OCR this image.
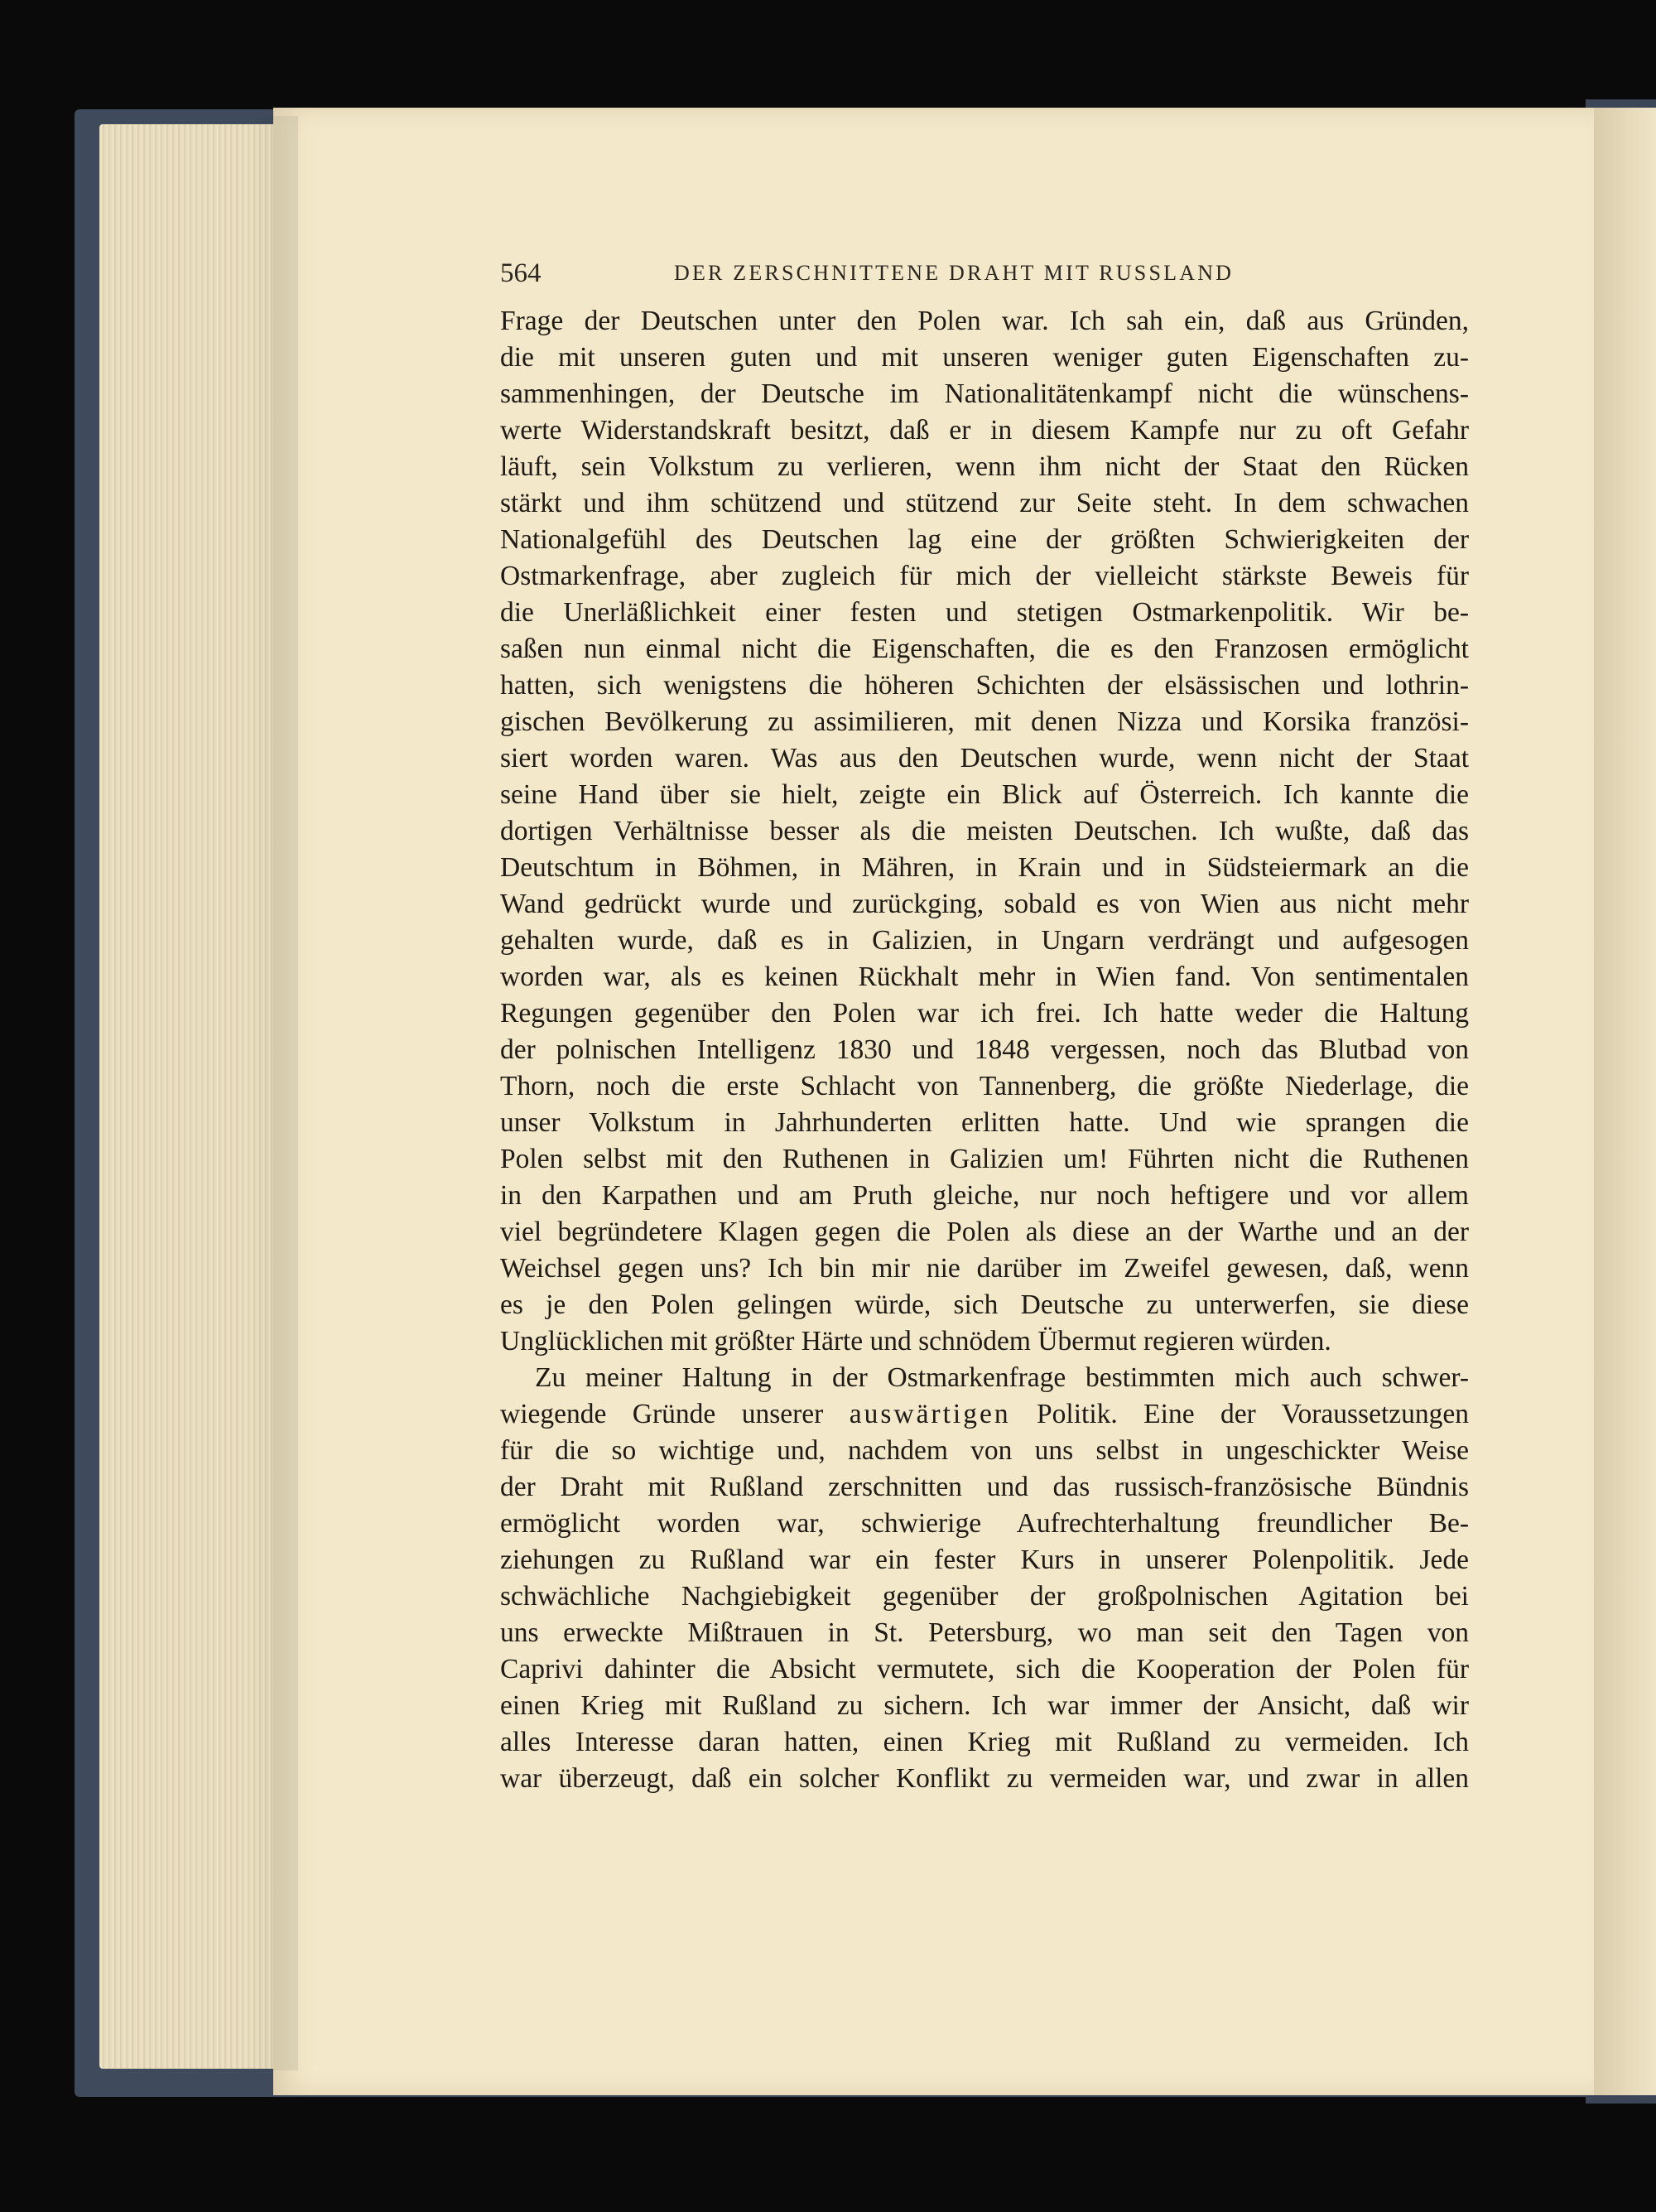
564	DER ZERSCHNITTENE DRAHT MIT RUSSLAND
Frage der Deutschen unter den Polen war. Ich sah ein, daß aus Gründen,
die mit unseren guten und mit unseren weniger guten Eigenschaften zu-
sammenhingen, der Deutsche im Nationalitätenkampf nicht die wünschens-
werte Widerstandskraft besitzt, daß er in diesem Kampfe nur zu oft Gefahr
läuft, sein Volkstum zu verlieren, wenn ihm nicht der Staat den Rücken
stärkt und ihm schützend und stützend zur Seite steht. In dem schwachen
Nationalgefühl des Deutschen lag eine der größten Schwierigkeiten der
Ostmarkenfrage, aber zugleich für mich der vielleicht stärkste Beweis für
die Unerläßlichkeit einer festen und stetigen Ostmarkenpolitik. Wir be-
saßen nun einmal nicht die Eigenschaften, die es den Franzosen ermöglicht
hatten, sich wenigstens die höheren Schichten der elsässischen und lothrin-
gischen Bevölkerung zu assimilieren, mit denen Nizza und Korsika französi-
siert worden waren. Was aus den Deutschen wurde, wenn nicht der Staat
seine Hand über sie hielt, zeigte ein Blick auf Österreich. Ich kannte die
dortigen Verhältnisse besser als die meisten Deutschen. Ich wußte, daß das
Deutschtum in Böhmen, in Mähren, in Krain und in Südsteiermark an die
Wand gedrückt wurde und zurückging, sobald es von Wien aus nicht mehr
gehalten wurde, daß es in Galizien, in Ungarn verdrängt und aufgesogen
worden war, als es keinen Rückhalt mehr in Wien fand. Von sentimentalen
Regungen gegenüber den Polen war ich frei. Ich hatte weder die Haltung
der polnischen Intelligenz 1830 und 1848 vergessen, noch das Blutbad von
Thorn, noch die erste Schlacht von Tannenberg, die größte Niederlage, die
unser Volkstum in Jahrhunderten erlitten hatte. Und wie sprangen die
Polen selbst mit den Ruthenen in Galizien um! Führten nicht die Ruthenen
in den Karpathen und am Pruth gleiche, nur noch heftigere und vor allem
viel begründetere Klagen gegen die Polen als diese an der Warthe und an der
Weichsel gegen uns? Ich bin mir nie darüber im Zweifel gewesen, daß, wenn
es je den Polen gelingen würde, sich Deutsche zu unterwerfen, sie diese
Unglücklichen mit größter Härte und schnödem Übermut regieren würden.
Zu meiner Haltung in der Ostmarkenfrage bestimmten mich auch schwer-
wiegende Gründe unserer auswärtigen Politik. Eine der Voraussetzungen
für die so wichtige und, nachdem von uns selbst in ungeschickter Weise
der Draht mit Rußland zerschnitten und das russisch-französische Bündnis
ermöglicht worden war, schwierige Aufrechterhaltung freundlicher Be-
ziehungen zu Rußland war ein fester Kurs in unserer Polenpolitik. Jede
schwächliche Nachgiebigkeit gegenüber der großpolnischen Agitation bei
uns erweckte Mißtrauen in St. Petersburg, wo man seit den Tagen von
Caprivi dahinter die Absicht vermutete, sich die Kooperation der Polen für
einen Krieg mit Rußland zu sichern. Ich war immer der Ansicht, daß wir
alles Interesse daran hatten, einen Krieg mit Rußland zu vermeiden. Ich
war überzeugt, daß ein solcher Konflikt zu vermeiden war, und zwar in allen
